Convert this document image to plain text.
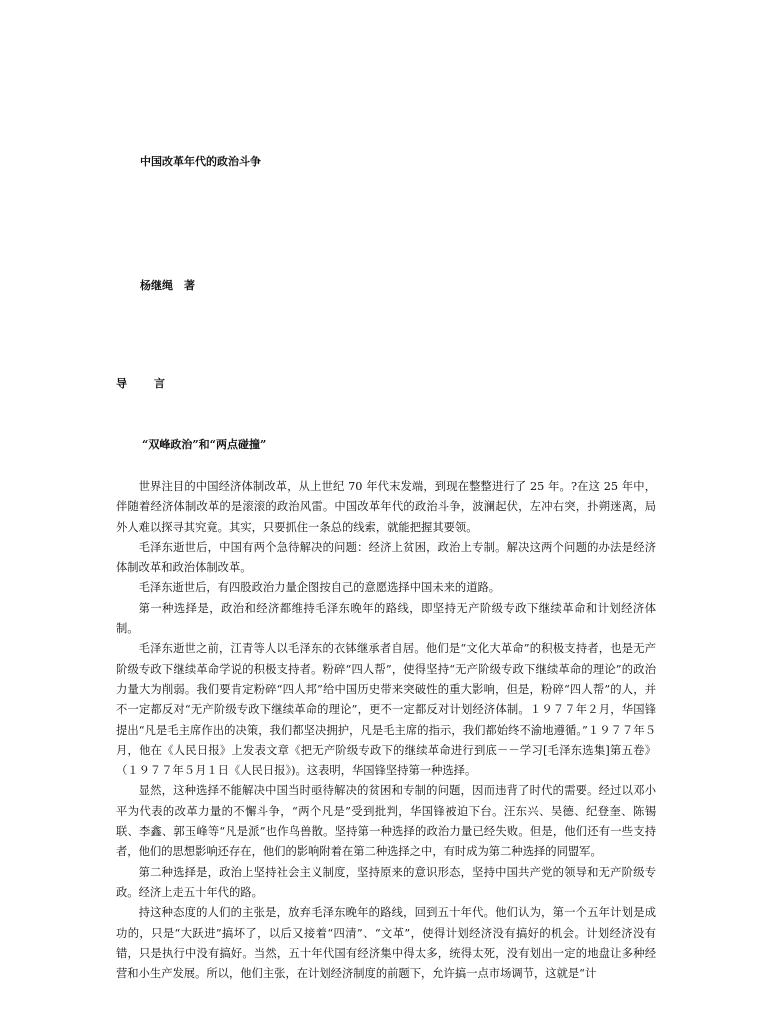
中国改革年代的政治斗争
杨继绳　著
导言
“双峰政治”和“两点碰撞”

世界注目的中国经济体制改革，从上世纪 70 年代末发端，到现在整整进行了 25 年。?在这 25 年中，伴随着经济体制改革的是滚滚的政治风雷。中国改革年代的政治斗争，波澜起伏，左冲右突，扑朔迷离，局外人难以探寻其究竟。其实，只要抓住一条总的线索，就能把握其要领。

毛泽东逝世后，中国有两个急待解决的问题：经济上贫困，政治上专制。解决这两个问题的办法是经济体制改革和政治体制改革。

毛泽东逝世后，有四股政治力量企图按自己的意愿选择中国未来的道路。

第一种选择是，政治和经济都维持毛泽东晚年的路线，即坚持无产阶级专政下继续革命和计划经济体制。

毛泽东逝世之前，江青等人以毛泽东的衣钵继承者自居。他们是“文化大革命”的积极支持者，也是无产阶级专政下继续革命学说的积极支持者。粉碎“四人帮”，使得坚持“无产阶级专政下继续革命的理论”的政治力量大为削弱。我们要肯定粉碎“四人邦”给中国历史带来突破性的重大影响，但是，粉碎“四人帮”的人，并不一定都反对“无产阶级专政下继续革命的理论”，更不一定都反对计划经济体制。１９７７年２月，华国锋提出“凡是毛主席作出的决策，我们都坚决拥护，凡是毛主席的指示，我们都始终不渝地遵循。”１９７７年５月，他在《人民日报》上发表文章《把无产阶级专政下的继续革命进行到底－－学习[毛泽东选集]第五卷》（１９７７年５月１日《人民日报》)。这表明，华国锋坚持第一种选择。

显然，这种选择不能解决中国当时亟待解决的贫困和专制的问题，因而违背了时代的需要。经过以邓小平为代表的改革力量的不懈斗争，“两个凡是”受到批判，华国锋被迫下台。汪东兴、吴德、纪登奎、陈锡联、李鑫、郭玉峰等“凡是派”也作鸟兽散。坚持第一种选择的政治力量已经失败。但是，他们还有一些支持者，他们的思想影响还存在，他们的影响附着在第二种选择之中，有时成为第二种选择的同盟军。

第二种选择是，政治上坚持社会主义制度，坚持原来的意识形态，坚持中国共产党的领导和无产阶级专政。经济上走五十年代的路。

持这种态度的人们的主张是，放弃毛泽东晚年的路线，回到五十年代。他们认为，第一个五年计划是成功的，只是“大跃进”搞坏了，以后又接着“四清”、“文革”，使得计划经济没有搞好的机会。计划经济没有错，只是执行中没有搞好。当然，五十年代国有经济集中得太多，统得太死，没有划出一定的地盘让多种经营和小生产发展。所以，他们主张，在计划经济制度的前题下，允许搞一点市场调节，这就是“计
